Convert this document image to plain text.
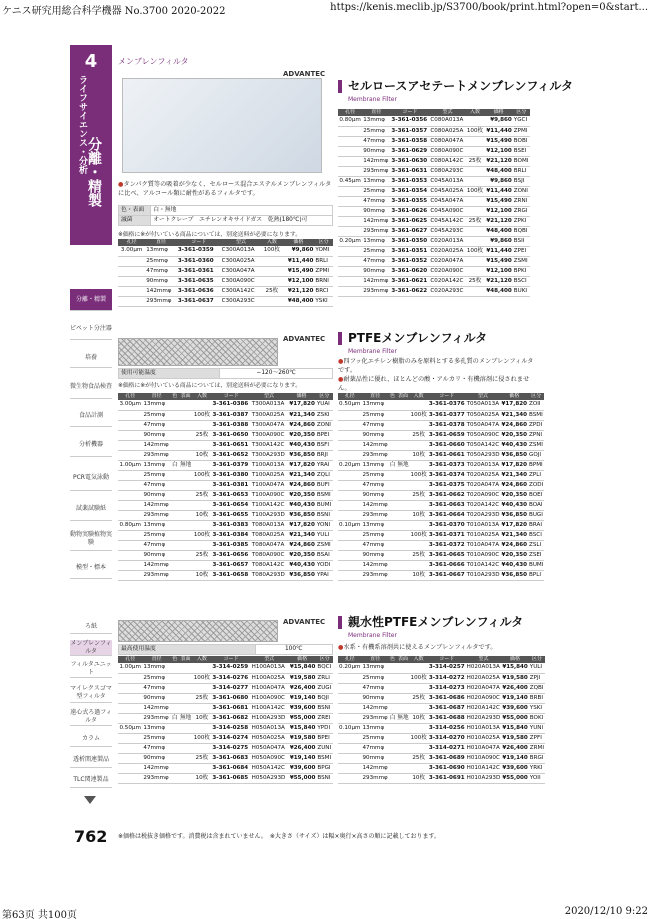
ケニス研究用総合科学機器 No.3700 2020-2022	https://kenis.meclib.jp/S3700/book/print.html?open=0&start...
4
ライフサイエンス・分析 分離・精製
分離・精製
ピペット分注器
培養
微生物食品検査
食品計測
分析機器
PCR電気泳動
試薬試験紙
動物実験植物実験
模型・標本
ろ紙
メンブレンフィルタ
フィルタユニット
マイレクスゴマ型フィルタ
遠心式ろ過フィルタ
カラム
透析関連製品
TLC関連製品
762
メンブレンフィルタ
ADVANTEC
セルロースアセテートメンブレンフィルタ
Membrane Filter
●タンパク質等の吸着が少なく、セルロース混合エステルメンブレンフィルタに比べ、アルコール類に耐性があるフィルタです。
色・表面	白・無地
滅菌	オートクレーブ　エチレンオキサイドガス　乾熱(180℃)可
※価格に※が付いている商品については、別途送料が必要になります。
孔径	直径	コード	型式	入数	価格	区分
3.00μm	13mmφ	3-361-0359	C300A013A	100枚	¥9,860	YOMI
	25mmφ	3-361-0360	C300A025A		¥11,440	BRLI
	47mmφ	3-361-0361	C300A047A		¥15,490	ZPMI
	90mmφ	3-361-0635	C300A090C		¥12,100	BRNI
	142mmφ	3-361-0636	C300A142C	25枚	¥21,120	BRCI
	293mmφ	3-361-0637	C300A293C		¥48,400	YSKI
孔径	直径	コード	型式	入数	価格	区分
0.80μm	13mmφ	3-361-0356	C080A013A		¥9,860	YGCI
	25mmφ	3-361-0357	C080A025A	100枚	¥11,440	ZPMI
	47mmφ	3-361-0358	C080A047A		¥15,490	BOBI
	90mmφ	3-361-0629	C080A090C		¥12,100	BSEI
	142mmφ	3-361-0630	C080A142C	25枚	¥21,120	BOMI
	293mmφ	3-361-0631	C080A293C		¥48,400	BRLI
0.45μm	13mmφ	3-361-0353	C045A013A		¥9,860	BSJI
	25mmφ	3-361-0354	C045A025A	100枚	¥11,440	ZONI
	47mmφ	3-361-0355	C045A047A		¥15,490	ZRNI
	90mmφ	3-361-0626	C045A090C		¥12,100	ZRGI
	142mmφ	3-361-0625	C045A142C	25枚	¥21,120	ZPKI
	293mmφ	3-361-0627	C045A293C		¥48,400	BQBI
0.20μm	13mmφ	3-361-0350	C020A013A		¥9,860	BSII
	25mmφ	3-361-0351	C020A025A	100枚	¥11,440	ZPEI
	47mmφ	3-361-0352	C020A047A		¥15,490	ZSMI
	90mmφ	3-361-0620	C020A090C		¥12,100	BPKI
	142mmφ	3-361-0621	C020A142C	25枚	¥21,120	BSCI
	293mmφ	3-361-0622	C020A293C		¥48,400	BUKI
ADVANTEC	PTFEメンブレンフィルタ
Membrane Filter
●四フッ化エチレン樹脂のみを原料とする多孔質のメンブレンフィルタです。
●耐薬品性に優れ、ほとんどの酸・アルカリ・有機溶剤に侵されません。
使用可能温度	−120〜260℃
※価格に※が付いている商品については、別途送料が必要になります。
孔径	直径	色	表面	入数	コード	型式	価格	区分
3.00μm	13mmφ				3-361-0386	T300A013A	¥17,820	YUAI
	25mmφ			100枚	3-361-0387	T300A025A	¥21,340	ZSKI
	47mmφ				3-361-0388	T300A047A	¥24,860	ZONI
	90mmφ			25枚	3-361-0650	T300A090C	¥20,350	BPEI
	142mmφ				3-361-0651	T300A142C	¥40,430	BSFI
	293mmφ			10枚	3-361-0652	T300A293D	¥36,850	BRJI
1.00μm	13mmφ	白	無地		3-361-0379	T100A013A	¥17,820	YRAI
	25mmφ			100枚	3-361-0380	T100A025A	¥21,340	ZQLI
	47mmφ				3-361-0381	T100A047A	¥24,860	BUFI
	90mmφ			25枚	3-361-0653	T100A090C	¥20,350	BSMI
	142mmφ				3-361-0654	T100A142C	¥40,430	BUMI
	293mmφ			10枚	3-361-0655	T100A293D	¥36,850	BSNI
0.80μm	13mmφ				3-361-0383	T080A013A	¥17,820	YONI
	25mmφ			100枚	3-361-0384	T080A025A	¥21,340	YULI
	47mmφ				3-361-0385	T080A047A	¥24,860	ZSMI
	90mmφ			25枚	3-361-0656	T080A090C	¥20,350	BSAI
	142mmφ				3-361-0657	T080A142C	¥40,430	YODI
	293mmφ			10枚	3-361-0658	T080A293D	¥36,850	YPAI
孔径	直径	色	表面	入数	コード	型式	価格	区分
0.50μm	13mmφ				3-361-0376	T050A013A	¥17,820	ZOII
	25mmφ			100枚	3-361-0377	T050A025A	¥21,340	BSMI
	47mmφ				3-361-0378	T050A047A	¥24,860	ZPDI
	90mmφ			25枚	3-361-0659	T050A090C	¥20,350	ZPNI
	142mmφ				3-361-0660	T050A142C	¥40,430	ZSMI
	293mmφ			10枚	3-361-0661	T050A293D	¥36,850	GOJI
0.20μm	13mmφ	白	無地		3-361-0373	T020A013A	¥17,820	BPMI
	25mmφ			100枚	3-361-0374	T020A025A	¥21,340	ZPLI
	47mmφ				3-361-0375	T020A047A	¥24,860	ZODI
	90mmφ			25枚	3-361-0662	T020A090C	¥20,350	BOEI
	142mmφ				3-361-0663	T020A142C	¥40,430	BOAI
	293mmφ			10枚	3-361-0664	T020A293D	¥36,850	BUGI
0.10μm	13mmφ				3-361-0370	T010A013A	¥17,820	BRAI
	25mmφ			100枚	3-361-0371	T010A025A	¥21,340	BSCI
	47mmφ				3-361-0372	T010A047A	¥24,860	ZSLI
	90mmφ			25枚	3-361-0665	T010A090C	¥20,350	ZSEI
	142mmφ				3-361-0666	T010A142C	¥40,430	BUMI
	293mmφ			10枚	3-361-0667	T010A293D	¥36,850	BPLI
ADVANTEC	親水性PTFEメンブレンフィルタ
Membrane Filter
●水系・有機系溶剤共に使えるメンブレンフィルタです。
最高使用温度	100℃
孔径	直径	色	表面	入数	コード	型式	価格	区分
1.00μm	13mmφ				3-314-0259	H100A013A	¥15,840	BQCI
	25mmφ			100枚	3-314-0276	H100A025A	¥19,580	ZRLI
	47mmφ				3-314-0277	H100A047A	¥26,400	ZUGI
	90mmφ			25枚	3-361-0680	H100A090C	¥19,140	BQJI
	142mmφ				3-361-0681	H100A142C	¥39,600	BSNI
	293mmφ	白	無地	10枚	3-361-0682	H100A293D	¥55,000	ZREI
0.50μm	13mmφ				3-314-0258	H050A013A	¥15,840	YPDI
	25mmφ			100枚	3-314-0274	H050A025A	¥19,580	BPEI
	47mmφ				3-314-0275	H050A047A	¥26,400	ZUNI
	90mmφ			25枚	3-361-0683	H050A090C	¥19,140	BSMI
	142mmφ				3-361-0684	H050A142C	¥39,600	BPGI
	293mmφ			10枚	3-361-0685	H050A293D	¥55,000	BSNI
孔径	直径	色	表面	入数	コード	型式	価格	区分
0.20μm	13mmφ				3-314-0257	H020A013A	¥15,840	YULI
	25mmφ			100枚	3-314-0272	H020A025A	¥19,580	ZPJI
	47mmφ				3-314-0273	H020A047A	¥26,400	ZQBI
	90mmφ			25枚	3-361-0686	H020A090C	¥19,140	BRBI
	142mmφ				3-361-0687	H020A142C	¥39,600	YSKI
	293mmφ	白	無地	10枚	3-361-0688	H020A293D	¥55,000	BOKI
0.10μm	13mmφ				3-314-0256	H010A013A	¥15,840	YUNI
	25mmφ			100枚	3-314-0270	H010A025A	¥19,580	ZPFI
	47mmφ				3-314-0271	H010A047A	¥26,400	ZRMI
	90mmφ			25枚	3-361-0689	H010A090C	¥19,140	BRGI
	142mmφ				3-361-0690	H010A142C	¥39,600	YRKI
	293mmφ			10枚	3-361-0691	H010A293D	¥55,000	YOII
※価格は税抜き価格です。消費税は含まれていません。　※大きさ（サイズ）は幅×奥行×高さの順に記載しております。
第63页 共100页	2020/12/10 9:22
